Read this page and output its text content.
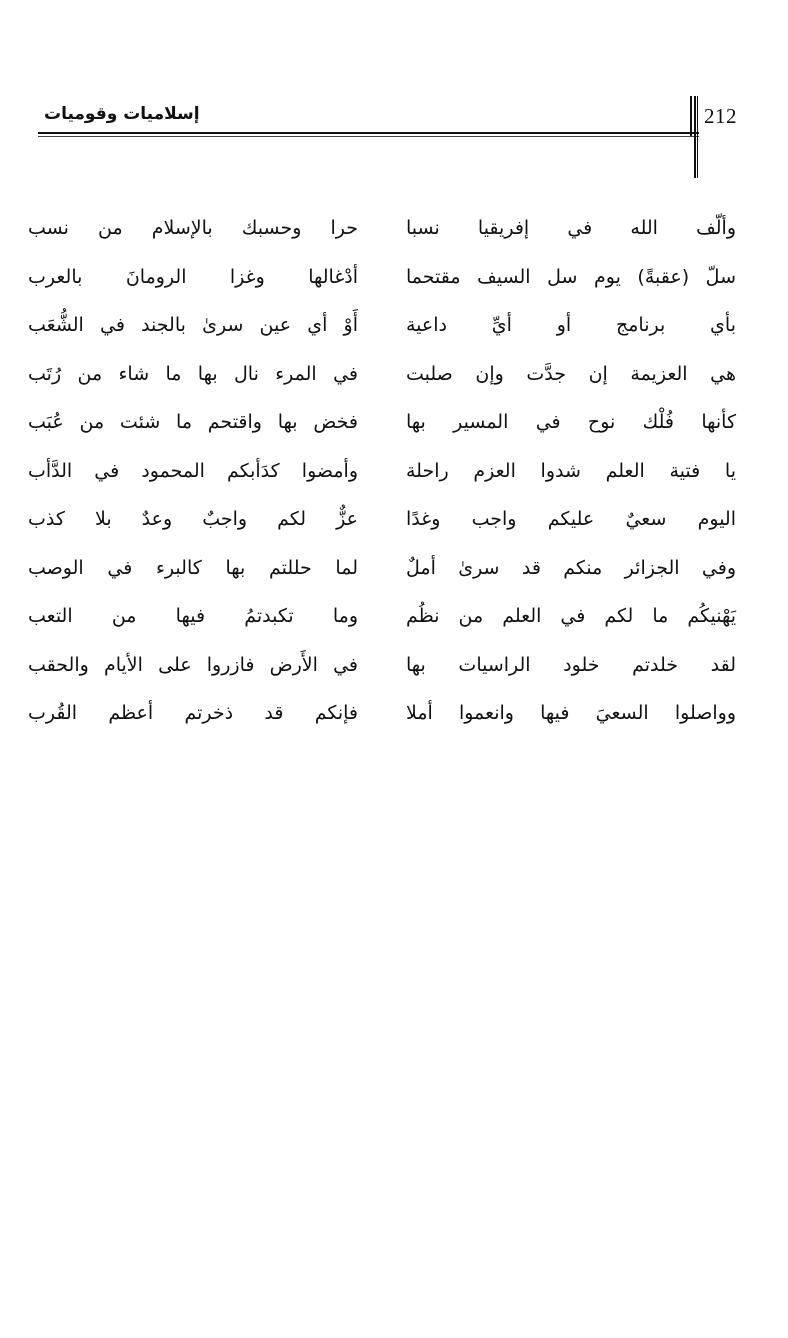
212
إسلاميات وقوميات
وألّف الله في إفريقيا نسبا
حرا وحسبك بالإسلام من نسب
سلّ (عقبةً) يوم سل السيف مقتحما
أدْغالها وغزا الرومانَ بالعرب
بأي برنامج أو أيِّ داعية
أَوْ أي عين سرىٰ بالجند في الشُّعَب
هي العزيمة إن جدَّت وإن صلبت
في المرء نال بها ما شاء من رُتَب
كأنها فُلْك نوح في المسير بها
فخض بها واقتحم ما شئت من عُبَب
يا فتية العلم شدوا العزم راحلة
وأمضوا كدَأبكم المحمود في الدَّأب
اليوم سعيٌ عليكم واجب وغدًا
عزٌّ لكم واجبٌ وعدٌ بلا كذب
وفي الجزائر منكم قد سرىٰ أملٌ
لما حللتم بها كالبرء في الوصب
يَهْنيكُم ما لكم في العلم من نظُم
وما تكبدتمُ فيها من التعب
لقد خلدتم خلود الراسيات بها
في الأَرض فازروا على الأيام والحقب
وواصلوا السعيَ فيها وانعموا أملا
فإنكم قد ذخرتم أعظم القُرب
